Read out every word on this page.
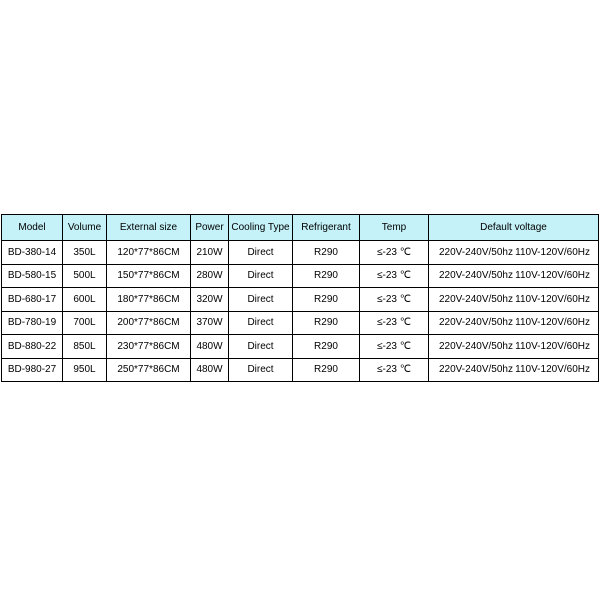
Model	Volume	External size	Power	Cooling Type	Refrigerant	Temp	Default voltage
BD-380-14	350L	120*77*86CM	210W	Direct	R290	≤-23 ℃	220V-240V/50hz 110V-120V/60Hz

BD-580-15	500L	150*77*86CM	280W	Direct	R290	≤-23 ℃	220V-240V/50hz 110V-120V/60Hz

BD-680-17	600L	180*77*86CM	320W	Direct	R290	≤-23 ℃	220V-240V/50hz 110V-120V/60Hz

BD-780-19	700L	200*77*86CM	370W	Direct	R290	≤-23 ℃	220V-240V/50hz 110V-120V/60Hz

BD-880-22	850L	230*77*86CM	480W	Direct	R290	≤-23 ℃	220V-240V/50hz 110V-120V/60Hz

BD-980-27	950L	250*77*86CM	480W	Direct	R290	≤-23 ℃	220V-240V/50hz 110V-120V/60Hz
